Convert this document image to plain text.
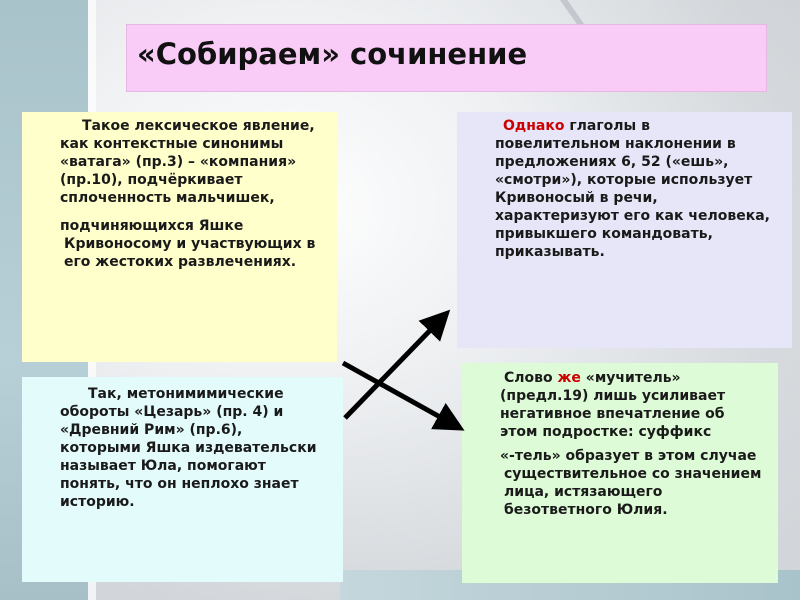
«Собираем» сочинение

Такое лексическое явление, как контекстные синонимы «ватага» (пр.3) – «компания» (пр.10), подчёркивает сплоченность мальчишек,

подчиняющихся Яшке Кривоносому и участвующих в его жестоких развлечениях.

Так, метонимимические обороты «Цезарь» (пр. 4) и «Древний Рим» (пр.6), которыми Яшка издевательски называет Юла, помогают понять, что он неплохо знает историю.

Однако глаголы в повелительном наклонении в предложениях 6, 52 («ешь», «смотри»), которые использует Кривоносый в речи, характеризуют его как человека, привыкшего командовать, приказывать.

Слово же «мучитель» (предл.19) лишь усиливает негативное впечатление об этом подростке: суффикс

«-тель» образует в этом случае существительное со значением лица, истязающего безответного Юлия.
